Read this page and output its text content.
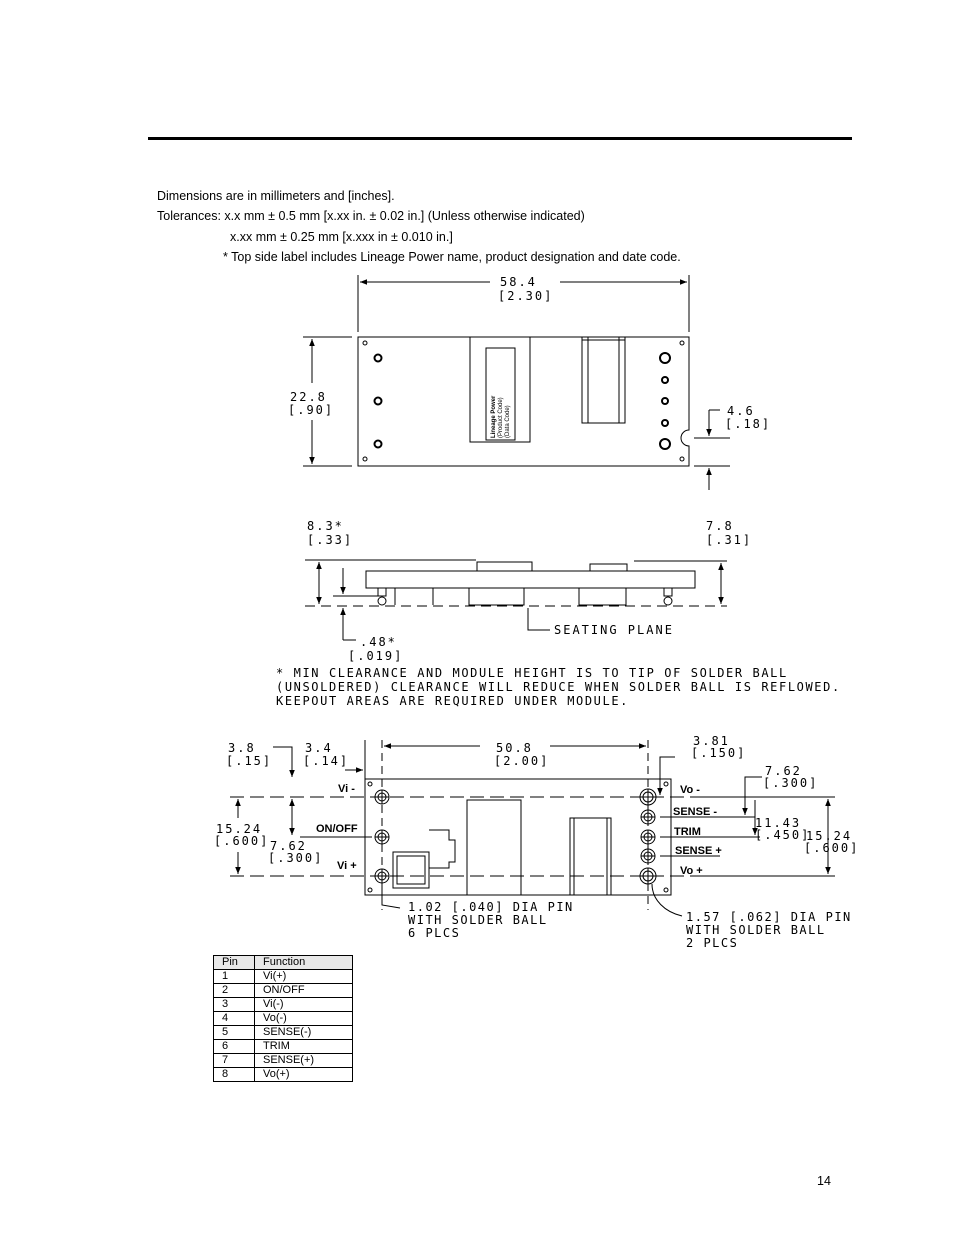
Dimensions are in millimeters and [inches].
Tolerances: x.x mm ± 0.5 mm [x.xx in. ± 0.02 in.] (Unless otherwise indicated)
x.xx mm ± 0.25 mm [x.xxx in ± 0.010 in.]
* Top side label includes Lineage Power name, product designation and date code.
58.4
[2.30]
22.8
[.90]	4.6
[.18]
Lineage Power (Product Code) (Data Code)
8.3*
[.33]
7.8
[.31]
.48*
[.019]
SEATING PLANE
* MIN CLEARANCE AND MODULE HEIGHT IS TO TIP OF SOLDER BALL
(UNSOLDERED) CLEARANCE WILL REDUCE WHEN SOLDER BALL IS REFLOWED.
KEEPOUT AREAS ARE REQUIRED UNDER MODULE.
3.8
[.15]
3.4
[.14]
50.8
[2.00]
3.81
[.150]
7.62
[.300]
11.43
[.450]
15.24
[.600]
15.24
[.600] 7.62
[.300]
Vi -
ON/OFF
Vi +
Vo -
SENSE -
TRIM
SENSE +
Vo +
1.02 [.040] DIA PIN
WITH SOLDER BALL
6 PLCS
1.57 [.062] DIA PIN
WITH SOLDER BALL
2 PLCS
Pin	Function
1	Vi(+)
2	ON/OFF
3	Vi(-)
4	Vo(-)
5	SENSE(-)
6	TRIM
7	SENSE(+)
8	Vo(+)
14
